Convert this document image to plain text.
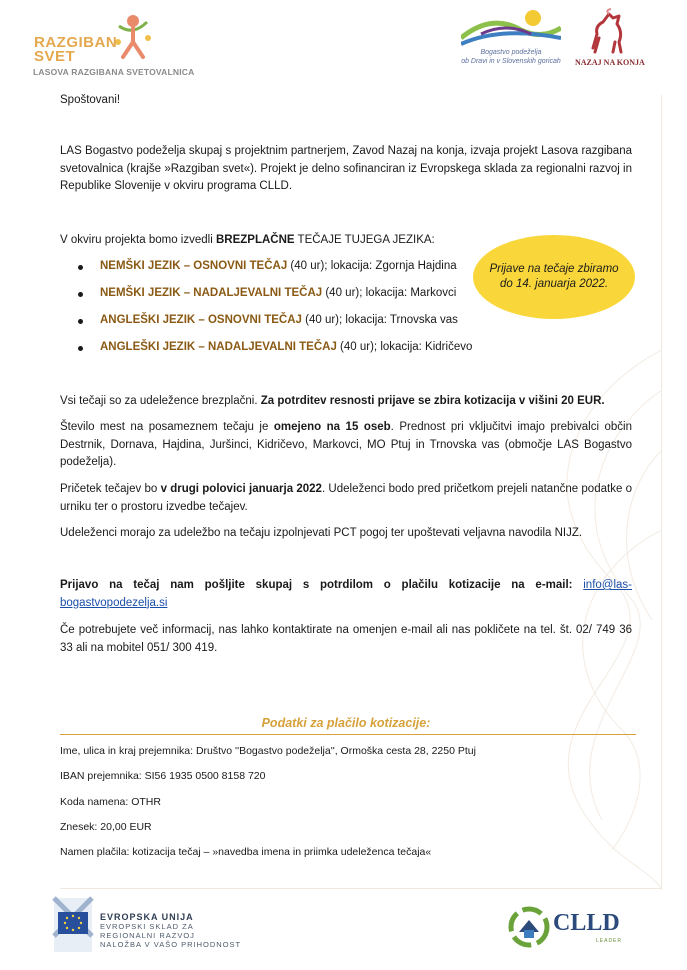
RAZGIBAN
SVET
LASOVA RAZGIBANA SVETOVALNICA
Bogastvo podeželja
ob Dravi in v Slovenskih goricah	NAZAJ NA KONJA
Spoštovani!
LAS Bogastvo podeželja skupaj s projektnim partnerjem, Zavod Nazaj na konja, izvaja projekt Lasova razgibana svetovalnica (krajše »Razgiban svet«). Projekt je delno sofinanciran iz Evropskega sklada za regionalni razvoj in Republike Slovenije v okviru programa CLLD.
V okviru projekta bomo izvedli BREZPLAČNE TEČAJE TUJEGA JEZIKA:
NEMŠKI JEZIK – OSNOVNI TEČAJ (40 ur); lokacija: Zgornja Hajdina
NEMŠKI JEZIK – NADALJEVALNI TEČAJ (40 ur); lokacija: Markovci
ANGLEŠKI JEZIK – OSNOVNI TEČAJ (40 ur); lokacija: Trnovska vas
ANGLEŠKI JEZIK – NADALJEVALNI TEČAJ (40 ur); lokacija: Kidričevo
Prijave na tečaje zbiramo do 14. januarja 2022.
Vsi tečaji so za udeležence brezplačni. Za potrditev resnosti prijave se zbira kotizacija v višini 20 EUR.
Število mest na posameznem tečaju je omejeno na 15 oseb. Prednost pri vključitvi imajo prebivalci občin Destrnik, Dornava, Hajdina, Juršinci, Kidričevo, Markovci, MO Ptuj in Trnovska vas (območje LAS Bogastvo podeželja).
Pričetek tečajev bo v drugi polovici januarja 2022. Udeleženci bodo pred pričetkom prejeli natančne podatke o urniku ter o prostoru izvedbe tečajev.
Udeleženci morajo za udeležbo na tečaju izpolnjevati PCT pogoj ter upoštevati veljavna navodila NIJZ.
Prijavo na tečaj nam pošljite skupaj s potrdilom o plačilu kotizacije na e-mail: info@las-bogastvopodezelja.si
Če potrebujete več informacij, nas lahko kontaktirate na omenjen e-mail ali nas pokličete na tel. št. 02/ 749 36 33 ali na mobitel 051/ 300 419.
Podatki za plačilo kotizacije:
Ime, ulica in kraj prejemnika: Društvo ''Bogastvo podeželja'', Ormoška cesta 28, 2250 Ptuj
IBAN prejemnika: SI56 1935 0500 8158 720
Koda namena: OTHR
Znesek: 20,00 EUR
Namen plačila: kotizacija tečaj – »navedba imena in priimka udeleženca tečaja«
EVROPSKA UNIJA
EVROPSKI SKLAD ZA
REGIONALNI RAZVOJ
NALOŽBA V VAŠO PRIHODNOST
CLLD
LEADER
